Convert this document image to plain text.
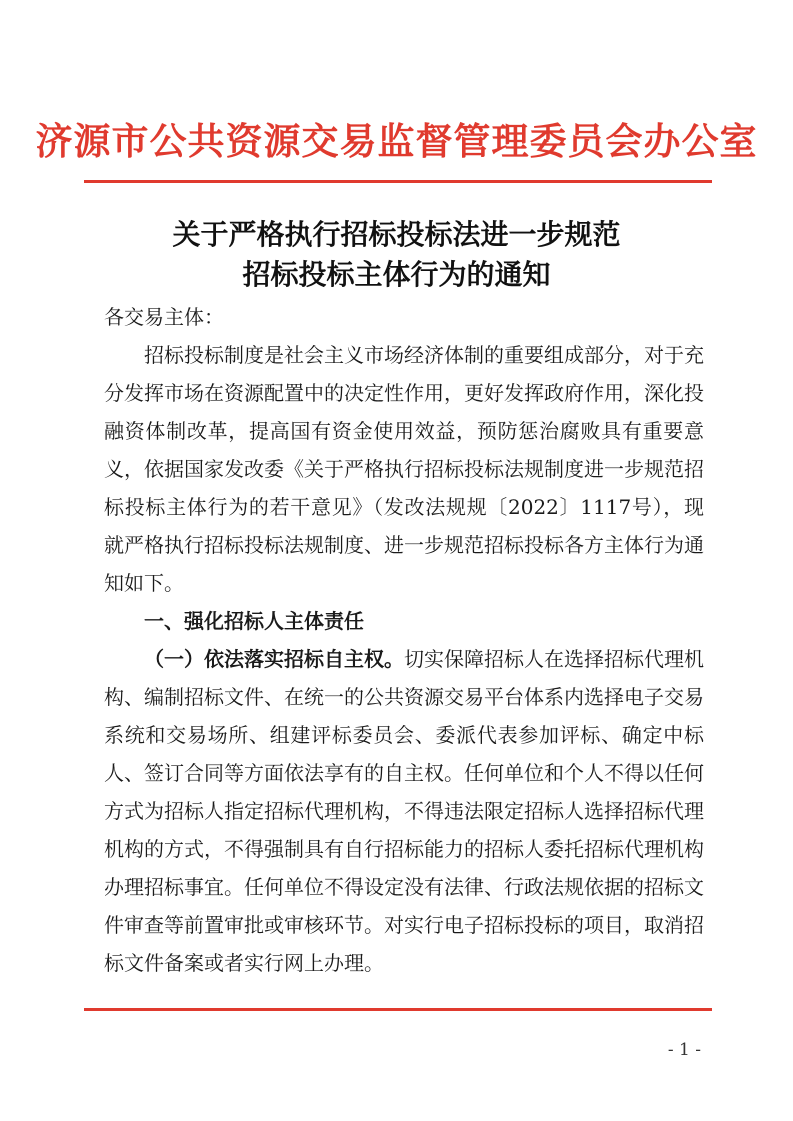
济源市公共资源交易监督管理委员会办公室
关于严格执行招标投标法进一步规范
招标投标主体行为的通知

各交易主体：

招标投标制度是社会主义市场经济体制的重要组成部分，对于充分发挥市场在资源配置中的决定性作用，更好发挥政府作用，深化投融资体制改革，提高国有资金使用效益，预防惩治腐败具有重要意义，依据国家发改委《关于严格执行招标投标法规制度进一步规范招标投标主体行为的若干意见》（发改法规规〔2022〕1117号），现就严格执行招标投标法规制度、进一步规范招标投标各方主体行为通知如下。

一、强化招标人主体责任

（一）依法落实招标自主权。切实保障招标人在选择招标代理机构、编制招标文件、在统一的公共资源交易平台体系内选择电子交易系统和交易场所、组建评标委员会、委派代表参加评标、确定中标人、签订合同等方面依法享有的自主权。任何单位和个人不得以任何方式为招标人指定招标代理机构，不得违法限定招标人选择招标代理机构的方式，不得强制具有自行招标能力的招标人委托招标代理机构办理招标事宜。任何单位不得设定没有法律、行政法规依据的招标文件审查等前置审批或审核环节。对实行电子招标投标的项目，取消招标文件备案或者实行网上办理。

- 1 -
